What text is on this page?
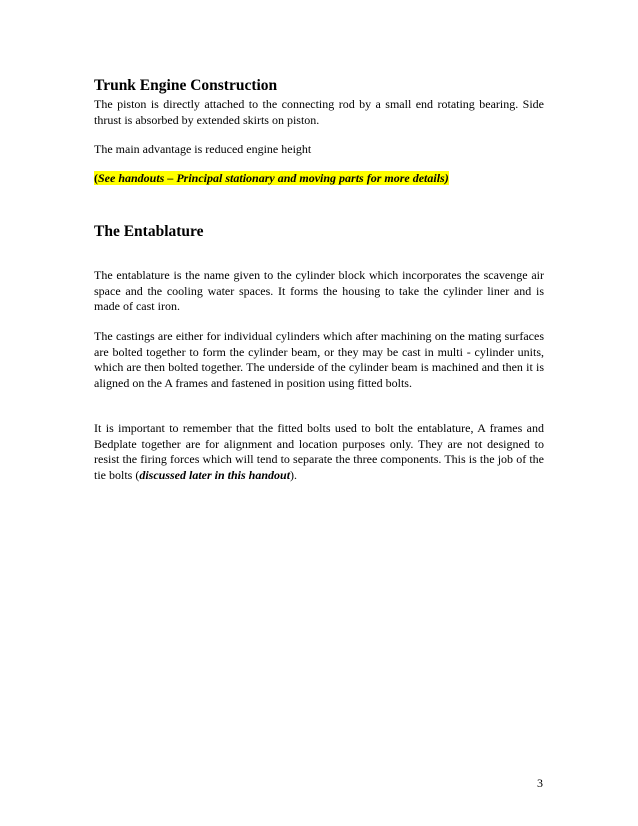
Trunk Engine Construction

The piston is directly attached to the connecting rod by a small end rotating bearing. Side thrust is absorbed by extended skirts on piston.

The main advantage is reduced engine height

(See handouts – Principal stationary and moving parts for more details)

The Entablature

The entablature is the name given to the cylinder block which incorporates the scavenge air space and the cooling water spaces. It forms the housing to take the cylinder liner and is made of cast iron.

The castings are either for individual cylinders which after machining on the mating surfaces are bolted together to form the cylinder beam, or they may be cast in multi - cylinder units, which are then bolted together. The underside of the cylinder beam is machined and then it is aligned on the A frames and fastened in position using fitted bolts.

It is important to remember that the fitted bolts used to bolt the entablature, A frames and Bedplate together are for alignment and location purposes only. They are not designed to resist the firing forces which will tend to separate the three components. This is the job of the tie bolts (discussed later in this handout).

3
